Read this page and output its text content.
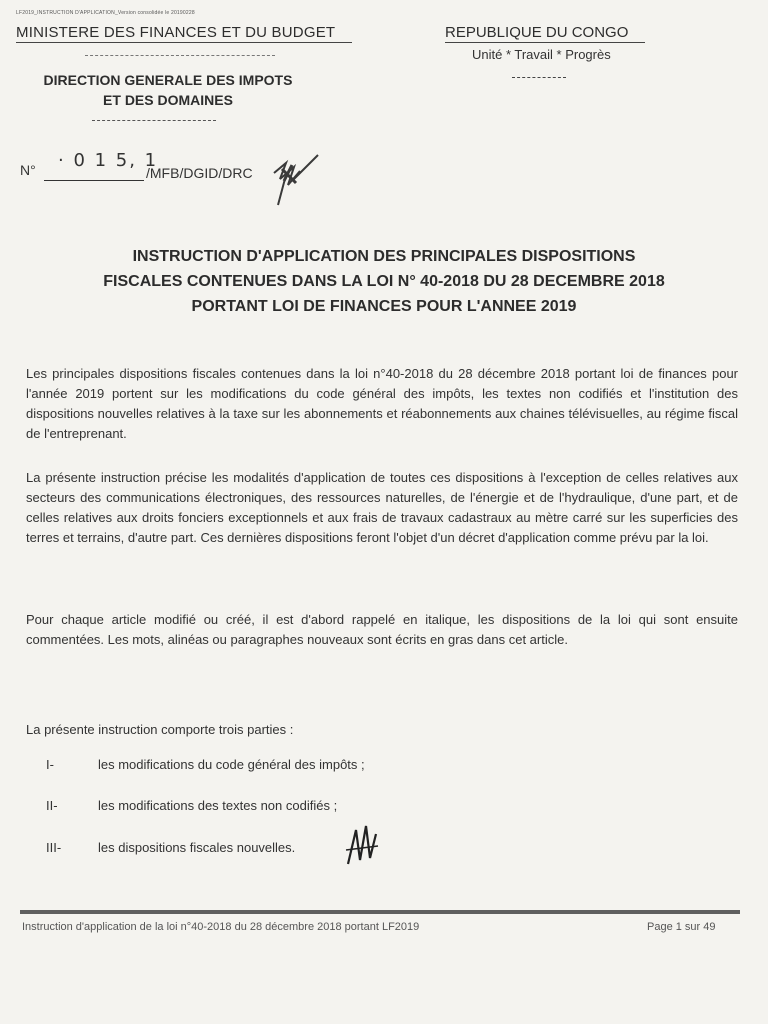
LF2019_INSTRUCTION D'APPLICATION_Version consolidée le 20190228
MINISTERE DES FINANCES ET DU BUDGET	REPUBLIQUE DU CONGO
Unité * Travail * Progrès
DIRECTION GENERALE DES IMPOTS
ET DES DOMAINES
N° · 0 1 5, 1
/MFB/DGID/DRC
INSTRUCTION D'APPLICATION DES PRINCIPALES DISPOSITIONS
FISCALES CONTENUES DANS LA LOI N° 40-2018 DU 28 DECEMBRE 2018
PORTANT LOI DE FINANCES POUR L'ANNEE 2019
Les principales dispositions fiscales contenues dans la loi n°40-2018 du 28 décembre 2018 portant loi de finances pour l'année 2019 portent sur les modifications du code général des impôts, les textes non codifiés et l'institution des dispositions nouvelles relatives à la taxe sur les abonnements et réabonnements aux chaines télévisuelles, au régime fiscal de l'entreprenant.
La présente instruction précise les modalités d'application de toutes ces dispositions à l'exception de celles relatives aux secteurs des communications électroniques, des ressources naturelles, de l'énergie et de l'hydraulique, d'une part, et de celles relatives aux droits fonciers exceptionnels et aux frais de travaux cadastraux au mètre carré sur les superficies des terres et terrains, d'autre part. Ces dernières dispositions feront l'objet d'un décret d'application comme prévu par la loi.
Pour chaque article modifié ou créé, il est d'abord rappelé en italique, les dispositions de la loi qui sont ensuite commentées. Les mots, alinéas ou paragraphes nouveaux sont écrits en gras dans cet article.
La présente instruction comporte trois parties :
I-	les modifications du code général des impôts ;
II-	les modifications des textes non codifiés ;
III-	les dispositions fiscales nouvelles.
Instruction d'application de la loi n°40-2018 du 28 décembre 2018 portant LF2019	Page 1 sur 49
